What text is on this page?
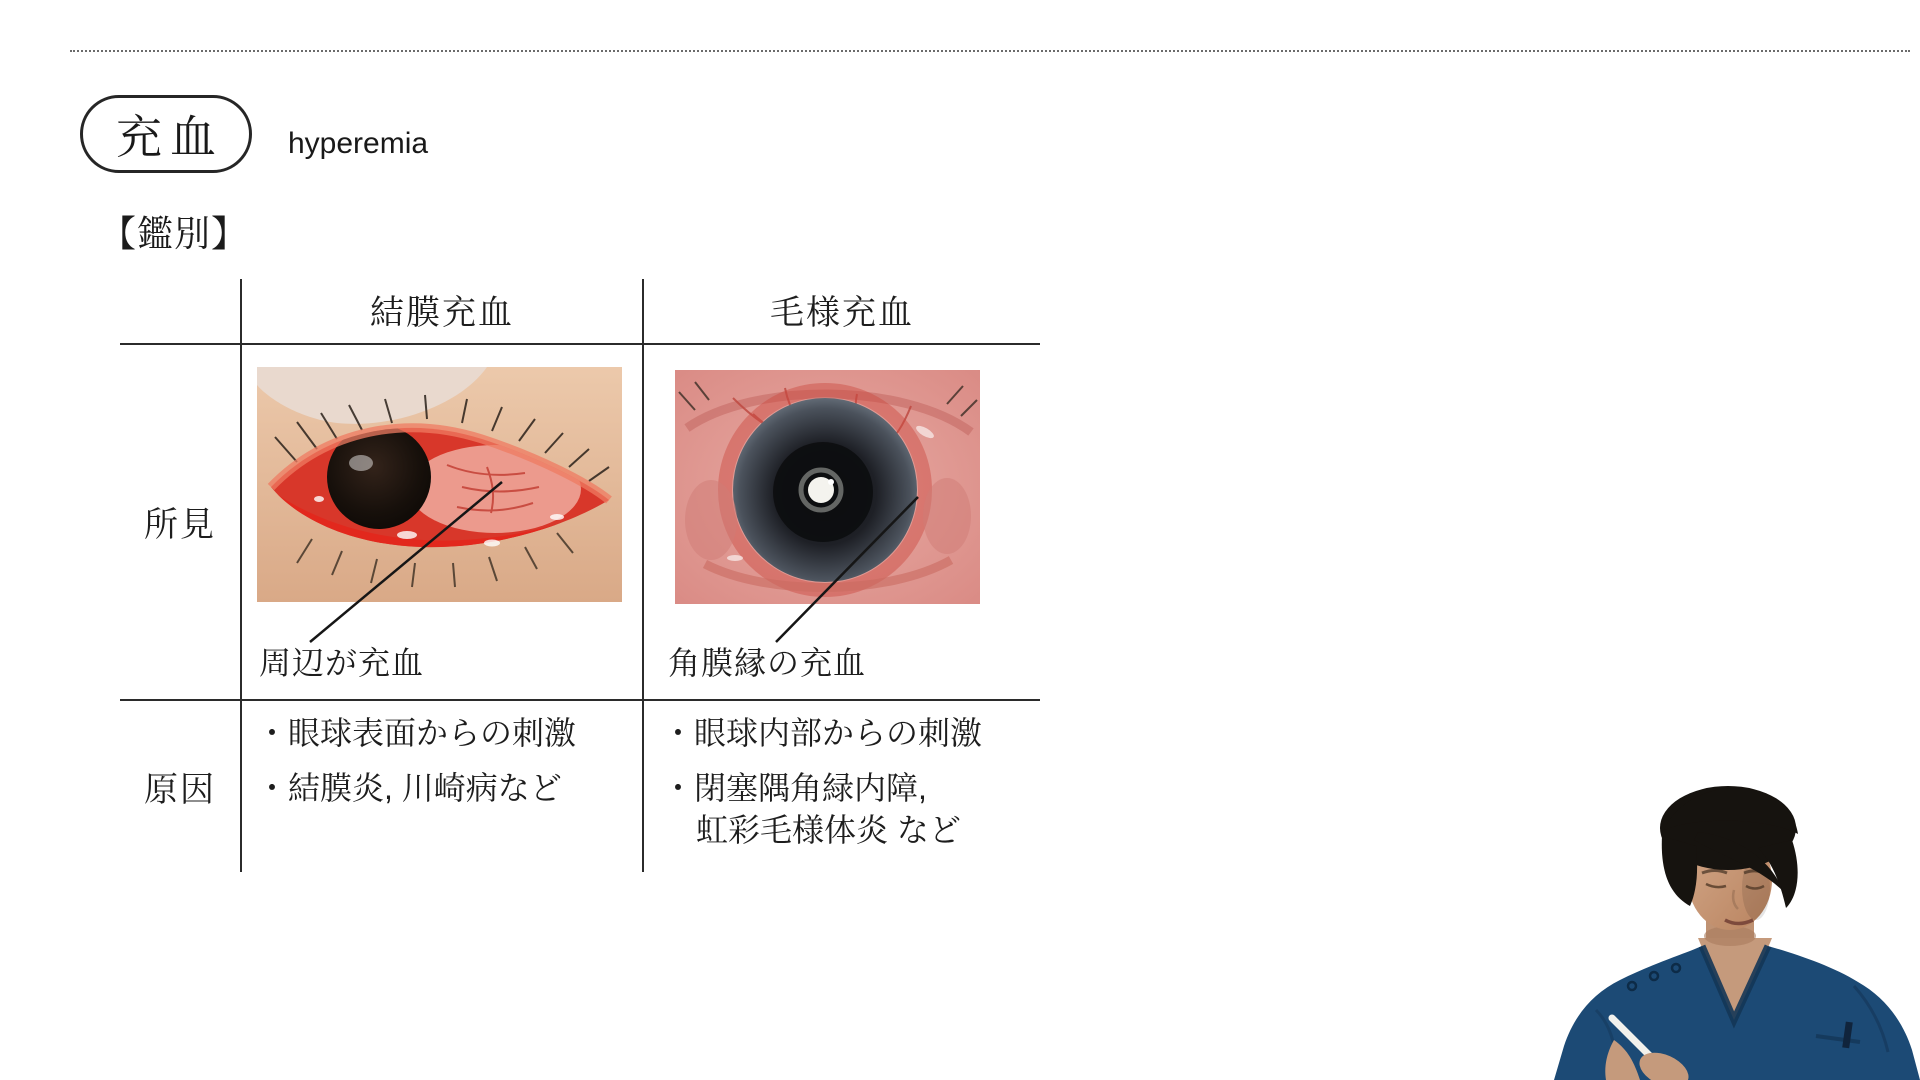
充血 hyperemia
【鑑別】
結膜充血	毛様充血
所見
原因
周辺が充血	角膜縁の充血
・眼球表面からの刺激
・結膜炎, 川崎病など
・眼球内部からの刺激
・閉塞隅角緑内障,
虹彩毛様体炎 など
